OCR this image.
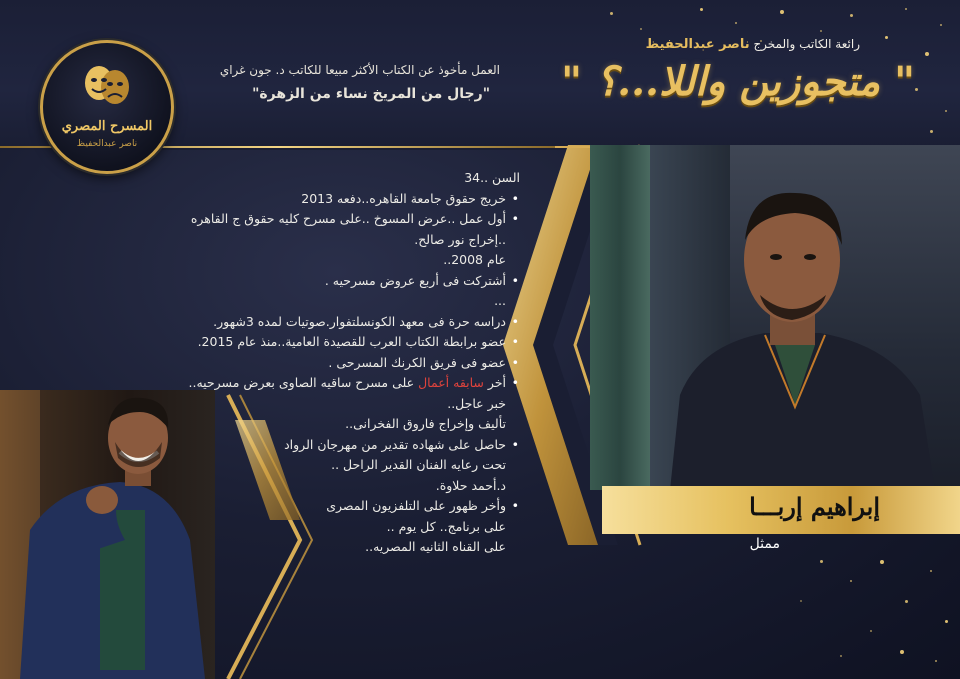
المسرح المصري
ناصر عبدالحفيظ
العمل مأخوذ عن الكتاب الأكثر مبيعا للكاتب د. جون غراي
"رجال من المريخ نساء من الزهرة"
رائعة الكاتب والمخرج ناصر عبدالحفيظ
" متجوزين واللا...؟ "
السن ..34
• خريج حقوق جامعة القاهره..دفعه 2013
• أول عمل ..عرض المسوخ ..على مسرح كليه حقوق ج القاهره ..إخراج نور صالح.
عام 2008..
• أشتركت فى أربع عروض مسرحيه .
...
• دراسه حرة فى معهد الكونسلتفوار.صوتيات لمده 3شهور.
• عضو برابطة الكتاب العرب للقصيدة العامية..منذ عام 2015.
• عضو فى فريق الكرنك المسرحى .
• أخر سابقه أعمال على مسرح ساقيه الصاوى بعرض مسرحيه.. خبر عاجل..
تأليف وإخراج فاروق الفخرانى..
• حاصل على شهاده تقدير من مهرجان الرواد
تحت رعايه الفنان القدير الراحل ..
د.أحمد حلاوة.
• وأخر ظهور على التلفزيون المصرى
على برنامج.. كل يوم ..
على القناه الثانيه المصريه..
إبراهيم إربـــا
ممثل
